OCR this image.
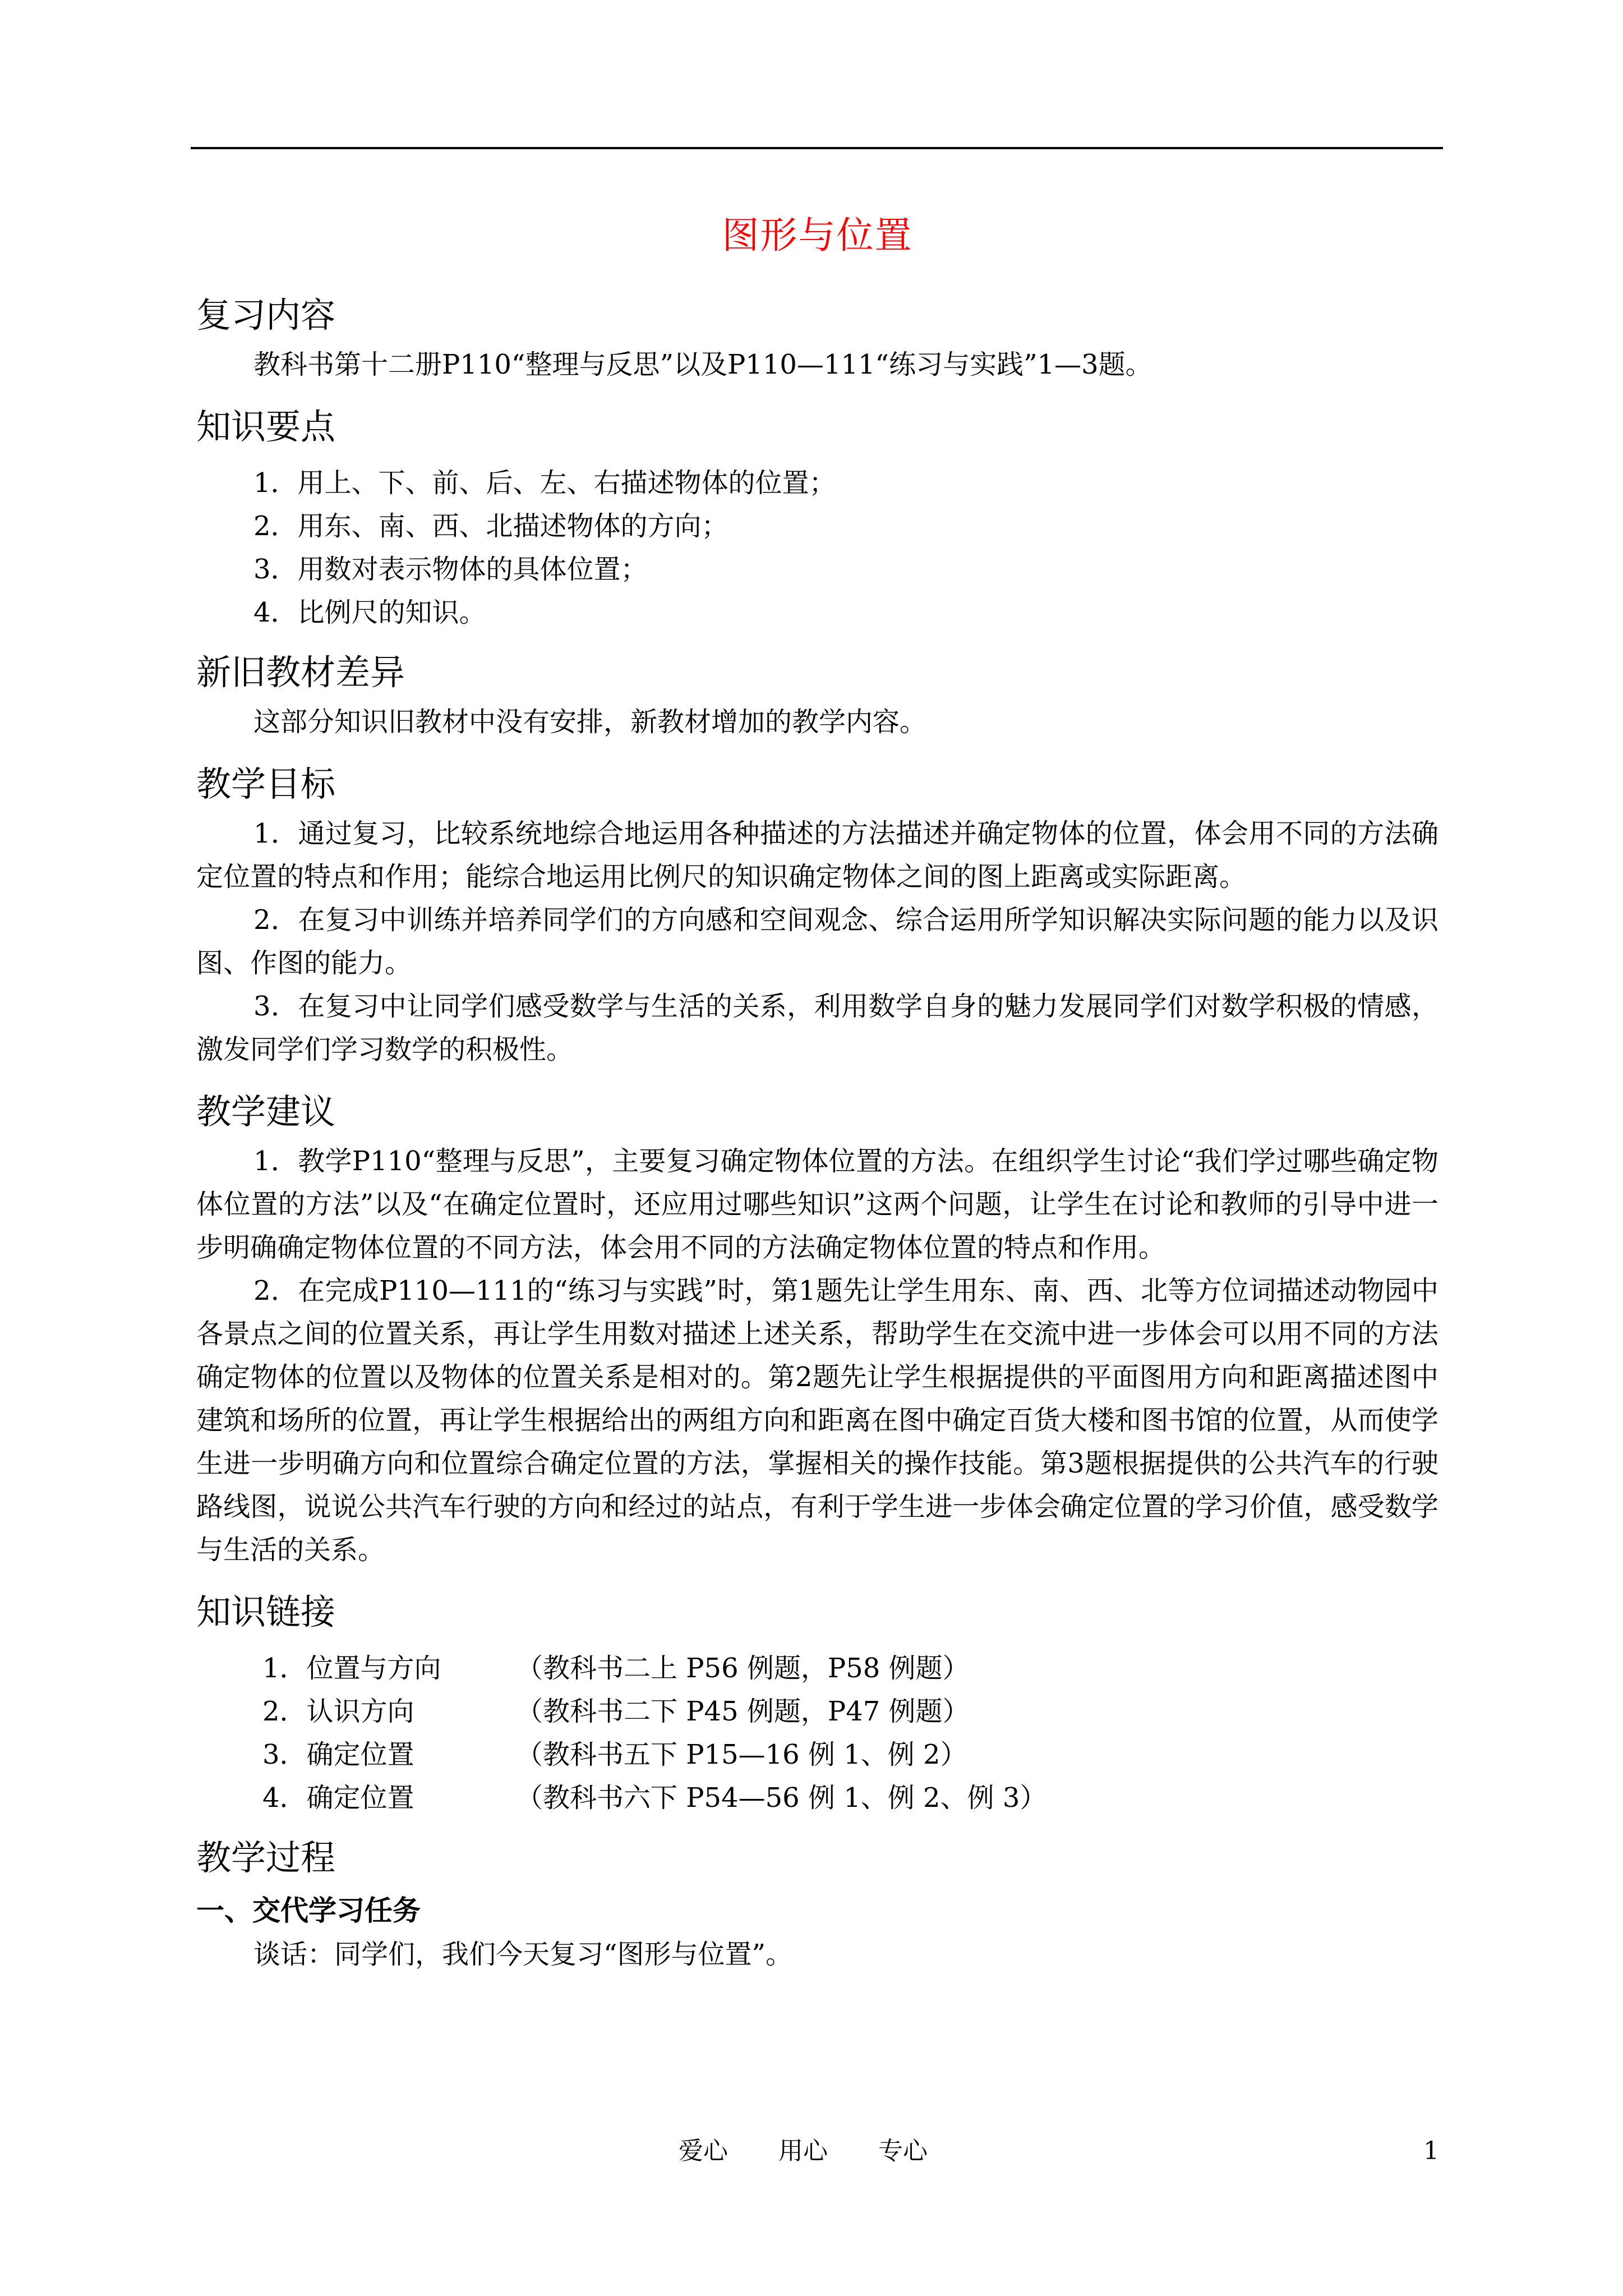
图形与位置
复习内容

教科书第十二册P110“整理与反思”以及P110—111“练习与实践”1—3题。

知识要点
1．用上、下、前、后、左、右描述物体的位置；
2．用东、南、西、北描述物体的方向；
3．用数对表示物体的具体位置；
4．比例尺的知识。
新旧教材差异

这部分知识旧教材中没有安排，新教材增加的教学内容。

教学目标

1．通过复习，比较系统地综合地运用各种描述的方法描述并确定物体的位置，体会用不同的方法确定位置的特点和作用；能综合地运用比例尺的知识确定物体之间的图上距离或实际距离。

2．在复习中训练并培养同学们的方向感和空间观念、综合运用所学知识解决实际问题的能力以及识图、作图的能力。

3．在复习中让同学们感受数学与生活的关系，利用数学自身的魅力发展同学们对数学积极的情感，激发同学们学习数学的积极性。

教学建议

1．教学P110“整理与反思”，主要复习确定物体位置的方法。在组织学生讨论“我们学过哪些确定物体位置的方法”以及“在确定位置时，还应用过哪些知识”这两个问题，让学生在讨论和教师的引导中进一步明确确定物体位置的不同方法，体会用不同的方法确定物体位置的特点和作用。

2．在完成P110—111的“练习与实践”时，第1题先让学生用东、南、西、北等方位词描述动物园中各景点之间的位置关系，再让学生用数对描述上述关系，帮助学生在交流中进一步体会可以用不同的方法确定物体的位置以及物体的位置关系是相对的。第2题先让学生根据提供的平面图用方向和距离描述图中建筑和场所的位置，再让学生根据给出的两组方向和距离在图中确定百货大楼和图书馆的位置，从而使学生进一步明确方向和位置综合确定位置的方法，掌握相关的操作技能。第3题根据提供的公共汽车的行驶路线图，说说公共汽车行驶的方向和经过的站点，有利于学生进一步体会确定位置的学习价值，感受数学与生活的关系。

知识链接
1．位置与方向	（教科书二上 P56 例题，P58 例题）
2．认识方向	（教科书二下 P45 例题，P47 例题）
3．确定位置	（教科书五下 P15—16 例 1、例 2）
4．确定位置	（教科书六下 P54—56 例 1、例 2、例 3）
教学过程
一、交代学习任务

谈话：同学们，我们今天复习“图形与位置”。

爱心 用心 专心	1
